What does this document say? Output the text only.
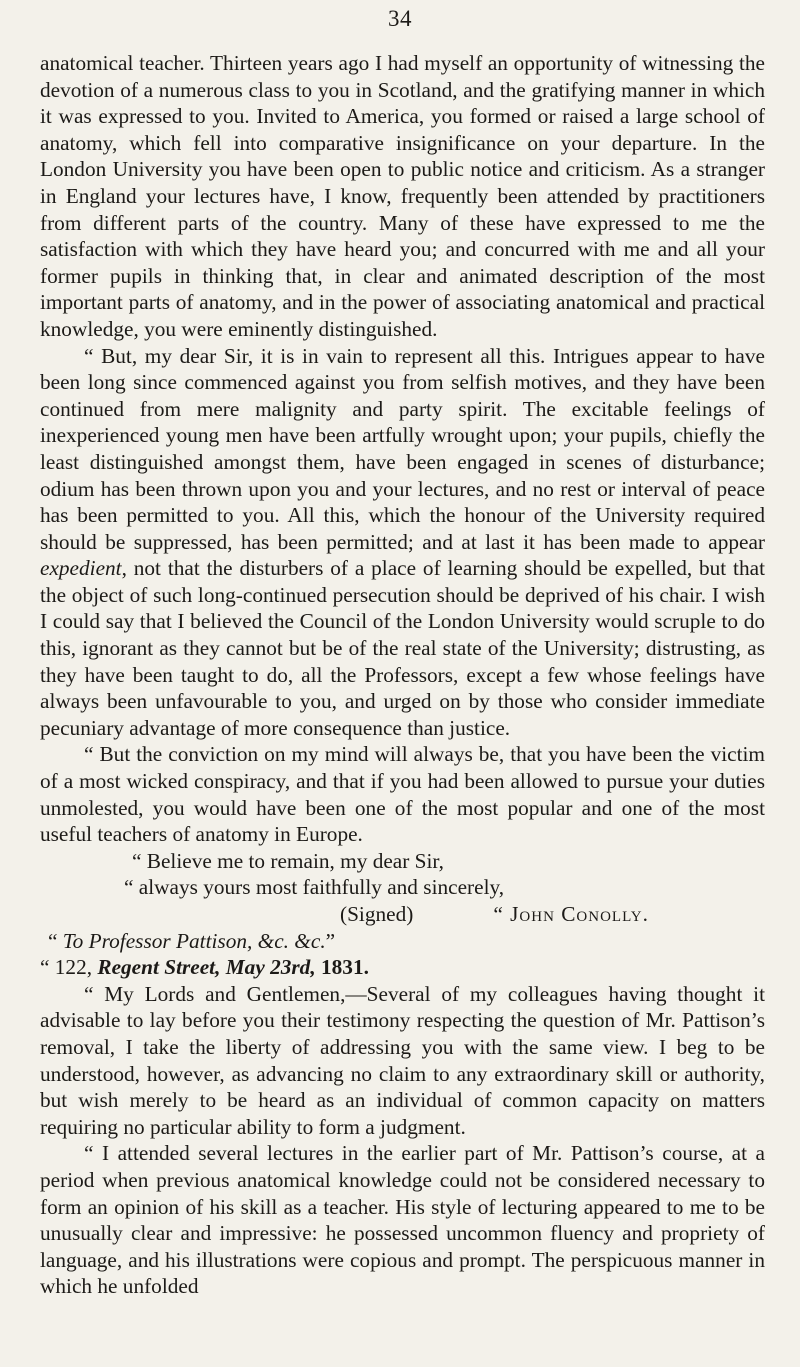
34

anatomical teacher. Thirteen years ago I had myself an opportunity of witnessing the devotion of a numerous class to you in Scotland, and the gratifying manner in which it was expressed to you. Invited to America, you formed or raised a large school of anatomy, which fell into comparative insignificance on your departure. In the London University you have been open to public notice and criticism. As a stranger in England your lectures have, I know, frequently been attended by practitioners from different parts of the country. Many of these have expressed to me the satisfaction with which they have heard you; and concurred with me and all your former pupils in thinking that, in clear and animated description of the most important parts of anatomy, and in the power of associating anatomical and practical knowledge, you were eminently distinguished.

“ But, my dear Sir, it is in vain to represent all this. Intrigues appear to have been long since commenced against you from selfish motives, and they have been continued from mere malignity and party spirit. The excitable feelings of inexperienced young men have been artfully wrought upon; your pupils, chiefly the least distinguished amongst them, have been engaged in scenes of disturbance; odium has been thrown upon you and your lectures, and no rest or interval of peace has been permitted to you. All this, which the honour of the University required should be suppressed, has been permitted; and at last it has been made to appear expedient, not that the disturbers of a place of learning should be expelled, but that the object of such long-continued persecution should be deprived of his chair. I wish I could say that I believed the Council of the London University would scruple to do this, ignorant as they cannot but be of the real state of the University; distrusting, as they have been taught to do, all the Professors, except a few whose feelings have always been unfavourable to you, and urged on by those who consider immediate pecuniary advantage of more consequence than justice.

“ But the conviction on my mind will always be, that you have been the victim of a most wicked conspiracy, and that if you had been allowed to pursue your duties unmolested, you would have been one of the most popular and one of the most useful teachers of anatomy in Europe.

“ Believe me to remain, my dear Sir,

“ always yours most faithfully and sincerely,

(Signed)	“ John Conolly.

“ To Professor Pattison, &c. &c.”

“ 122, Regent Street, May 23rd, 1831.

“ My Lords and Gentlemen,—Several of my colleagues having thought it advisable to lay before you their testimony respecting the question of Mr. Pattison’s removal, I take the liberty of addressing you with the same view. I beg to be understood, however, as advancing no claim to any extraordinary skill or authority, but wish merely to be heard as an individual of common capacity on matters requiring no particular ability to form a judgment.

“ I attended several lectures in the earlier part of Mr. Pattison’s course, at a period when previous anatomical knowledge could not be considered necessary to form an opinion of his skill as a teacher. His style of lecturing appeared to me to be unusually clear and impressive: he possessed uncommon fluency and propriety of language, and his illustrations were copious and prompt. The perspicuous manner in which he unfolded
